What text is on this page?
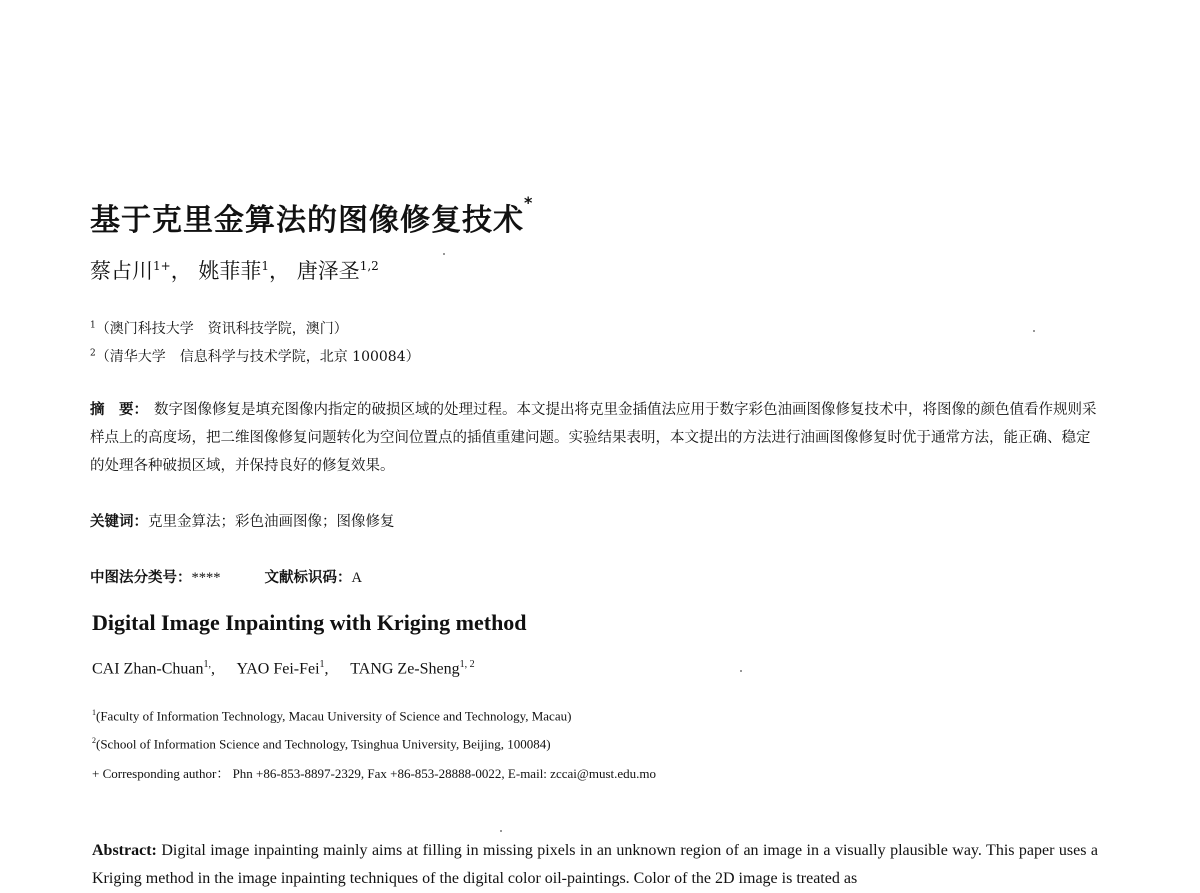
基于克里金算法的图像修复技术*
蔡占川$^{1+}$， 姚菲菲$^1$， 唐泽圣$^{1,2}$
$^1$（澳门科技大学　资讯科技学院，澳门）
$^2$（清华大学　信息科学与技术学院，北京 100084）
摘　要： 数字图像修复是填充图像内指定的破损区域的处理过程。本文提出将克里金插值法应用于数字彩色油画图像修复技术中，将图像的颜色值看作规则采样点上的高度场，把二维图像修复问题转化为空间位置点的插值重建问题。实验结果表明，本文提出的方法进行油画图像修复时优于通常方法，能正确、稳定的处理各种破损区域，并保持良好的修复效果。
关键词：克里金算法；彩色油画图像；图像修复
中图法分类号：****	文献标识码：A
Digital Image Inpainting with Kriging method
CAI Zhan-Chuan$^{1,}$, YAO Fei-Fei$^1$, TANG Ze-Sheng$^{1, 2}$
$^1$(Faculty of Information Technology, Macau University of Science and Technology, Macau)
$^2$(School of Information Science and Technology, Tsinghua University, Beijing, 100084)
+ Corresponding author： Phn +86-853-8897-2329, Fax +86-853-28888-0022, E-mail: zccai@must.edu.mo
Abstract: Digital image inpainting mainly aims at filling in missing pixels in an unknown region of an image in a visually plausible way. This paper uses a Kriging method in the image inpainting techniques of the digital color oil-paintings. Color of the 2D image is treated as
